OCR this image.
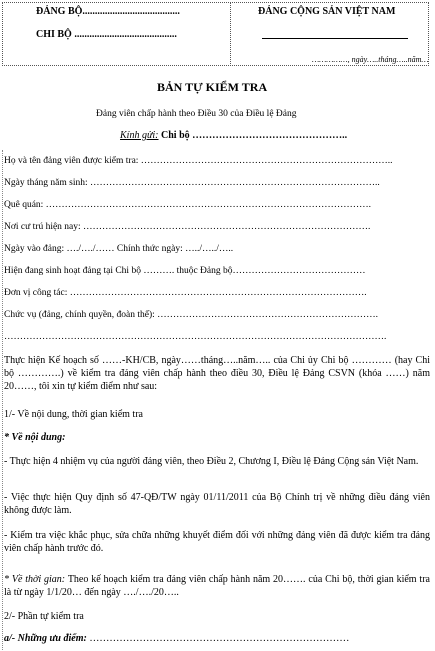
ĐẢNG BỘ.......................................
CHI BỘ .........................................
ĐẢNG CỘNG SẢN VIỆT NAM
……………, ngày…..tháng…..năm…
BẢN TỰ KIỂM TRA
Đảng viên chấp hành theo Điều 30 của Điều lệ Đảng
Kính gửi: Chi bộ ………………………………………..
Họ và tên đảng viên được kiểm tra: ……………………………………………………………………..
Ngày tháng năm sinh: ………………………………………………………………………………..
Quê quán: ………………………………………………………………………………………….
Nơi cư trú hiện nay: ……………………………………………………………………………….
Ngày vào đảng: …./…./…… Chính thức ngày: …../…../…..
Hiện đang sinh hoạt đảng tại Chi bộ ………. thuộc Đảng bộ……………………………………
Đơn vị công tác: ………………………………………………………………………………….
Chức vụ (đảng, chính quyền, đoàn thể): …………………………………………………………….
………………………………………………………………………………………………………….
Thực hiện Kế hoạch số ……-KH/CB, ngày……tháng…..năm….. của Chi ủy Chi bộ ………… (hay Chi bộ ………….) về kiểm tra đảng viên chấp hành theo điều 30, Điều lệ Đảng CSVN (khóa ……) năm 20……, tôi xin tự kiểm điểm như sau:
1/- Về nội dung, thời gian kiểm tra
* Về nội dung:
- Thực hiện 4 nhiệm vụ của người đảng viên, theo Điều 2, Chương I, Điều lệ Đảng Cộng sản Việt Nam.
- Việc thực hiện Quy định số 47-QĐ/TW ngày 01/11/2011 của Bộ Chính trị về những điều đảng viên không được làm.
- Kiểm tra việc khắc phục, sửa chữa những khuyết điểm đối với những đảng viên đã được kiểm tra đảng viên chấp hành trước đó.
* Về thời gian: Theo kế hoạch kiểm tra đảng viên chấp hành năm 20……. của Chi bộ, thời gian kiểm tra là từ ngày 1/1/20… đến ngày …./…./20…..
2/- Phần tự kiểm tra
a/- Những ưu điểm: ……………………………………………………………………
